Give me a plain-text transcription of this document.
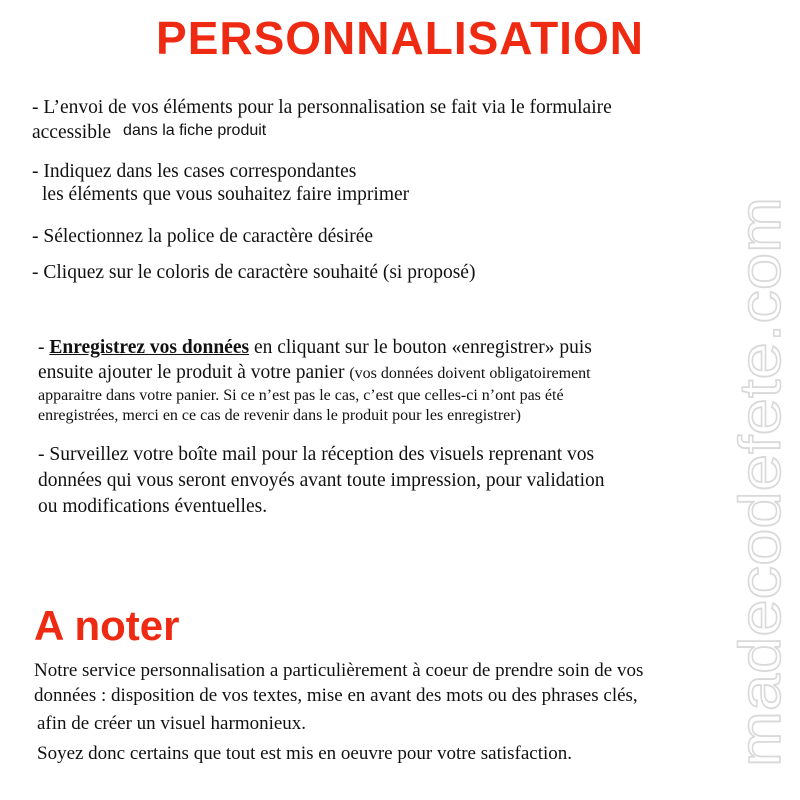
PERSONNALISATION
- L’envoi de vos éléments pour la personnalisation se fait via le formulaire
accessible dans la fiche produit
- Indiquez dans les cases correspondantes
les éléments que vous souhaitez faire imprimer
- Sélectionnez la police de caractère désirée
- Cliquez sur le coloris de caractère souhaité (si proposé)
- Enregistrez vos données en cliquant sur le bouton «enregistrer» puis
ensuite ajouter le produit à votre panier (vos données doivent obligatoirement
apparaitre dans votre panier. Si ce n’est pas le cas, c’est que celles-ci n’ont pas été
enregistrées, merci en ce cas de revenir dans le produit pour les enregistrer)
- Surveillez votre boîte mail pour la réception des visuels reprenant vos
données qui vous seront envoyés avant toute impression, pour validation
ou modifications éventuelles.
A noter
Notre service personnalisation a particulièrement à coeur de prendre soin de vos
données : disposition de vos textes, mise en avant des mots ou des phrases clés,
afin de créer un visuel harmonieux.
Soyez donc certains que tout est mis en oeuvre pour votre satisfaction.	madecodefete.com
